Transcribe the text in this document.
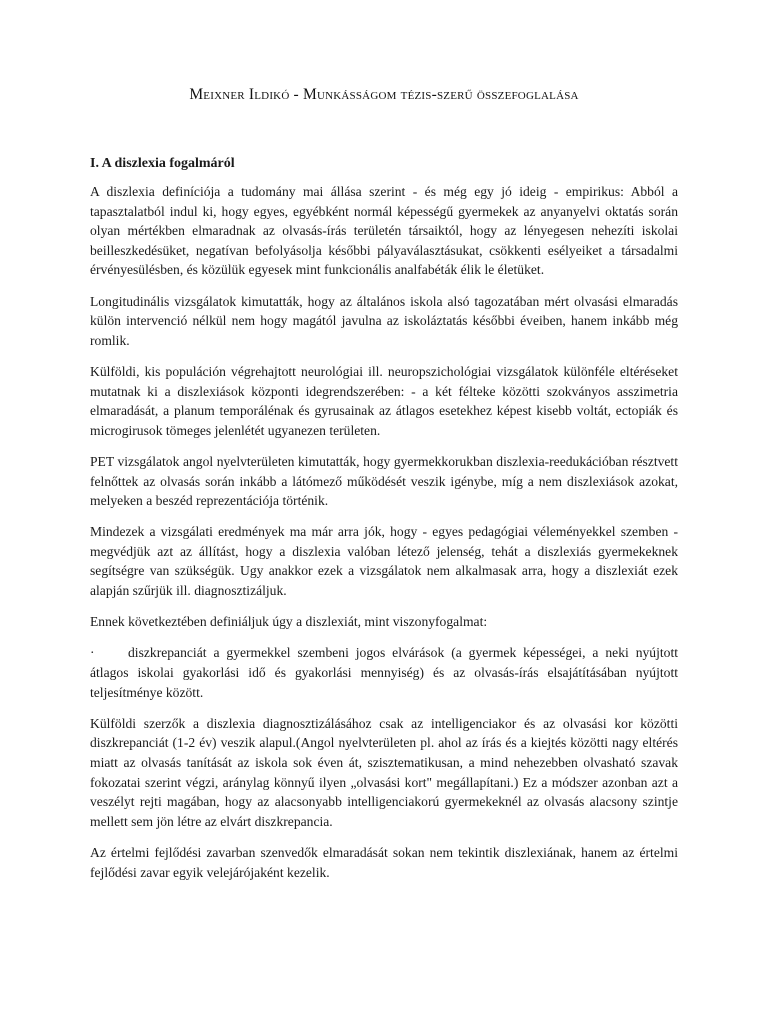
Meixner Ildikó - Munkásságom tézis-szerű összefoglalása
I. A diszlexia fogalmáról

A diszlexia definíciója a tudomány mai állása szerint - és még egy jó ideig - empirikus: Abból a tapasztalatból indul ki, hogy egyes, egyébként normál képességű gyermekek az anyanyelvi oktatás során olyan mértékben elmaradnak az olvasás-írás területén társaiktól, hogy az lényegesen nehezíti iskolai beilleszkedésüket, negatívan befolyásolja későbbi pályaválasztásukat, csökkenti esélyeiket a társadalmi érvényesülésben, és közülük egyesek mint funkcionális analfabéták élik le életüket.

Longitudinális vizsgálatok kimutatták, hogy az általános iskola alsó tagozatában mért olvasási elmaradás külön intervenció nélkül nem hogy magától javulna az iskoláztatás későbbi éveiben, hanem inkább még romlik.

Külföldi, kis populáción végrehajtott neurológiai ill. neuropszichológiai vizsgálatok különféle eltéréseket mutatnak ki a diszlexiások központi idegrendszerében: - a két félteke közötti szokványos asszimetria elmaradását, a planum temporálénak és gyrusainak az átlagos esetekhez képest kisebb voltát, ectopiák és microgirusok tömeges jelenlétét ugyanezen területen.

PET vizsgálatok angol nyelvterületen kimutatták, hogy gyermekkorukban diszlexia-reedukációban résztvett felnőttek az olvasás során inkább a látómező működését veszik igénybe, míg a nem diszlexiások azokat, melyeken a beszéd reprezentációja történik.

Mindezek a vizsgálati eredmények ma már arra jók, hogy - egyes pedagógiai véleményekkel szemben - megvédjük azt az állítást, hogy a diszlexia valóban létező jelenség, tehát a diszlexiás gyermekeknek segítségre van szükségük. Ugy anakkor ezek a vizsgálatok nem alkalmasak arra, hogy a diszlexiát ezek alapján szűrjük ill. diagnosztizáljuk.

Ennek következtében definiáljuk úgy a diszlexiát, mint viszonyfogalmat:

· diszkrepanciát a gyermekkel szembeni jogos elvárások (a gyermek képességei, a neki nyújtott átlagos iskolai gyakorlási idő és gyakorlási mennyiség) és az olvasás-írás elsajátításában nyújtott teljesítménye között.

Külföldi szerzők a diszlexia diagnosztizálásához csak az intelligenciakor és az olvasási kor közötti diszkrepanciát (1-2 év) veszik alapul.(Angol nyelvterületen pl. ahol az írás és a kiejtés közötti nagy eltérés miatt az olvasás tanítását az iskola sok éven át, szisztematikusan, a mind nehezebben olvasható szavak fokozatai szerint végzi, aránylag könnyű ilyen „olvasási kort" megállapítani.) Ez a módszer azonban azt a veszélyt rejti magában, hogy az alacsonyabb intelligenciakorú gyermekeknél az olvasás alacsony szintje mellett sem jön létre az elvárt diszkrepancia.

Az értelmi fejlődési zavarban szenvedők elmaradását sokan nem tekintik diszlexiának, hanem az értelmi fejlődési zavar egyik velejárójaként kezelik.
